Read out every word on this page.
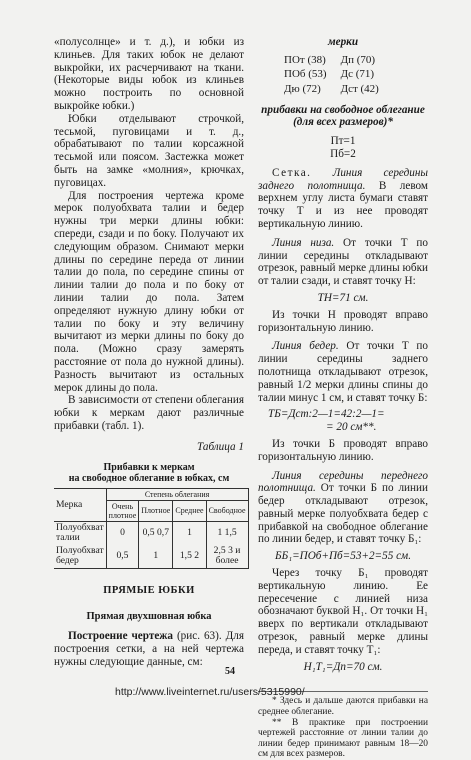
«полусолнце» и т. д.), и юбки из клиньев. Для таких юбок не делают выкройки, их расчерчивают на ткани. (Некоторые виды юбок из клиньев можно построить по основной выкройке юбки.)

Юбки отделывают строчкой, тесьмой, пуговицами и т. д., обрабатывают по талии корсажной тесьмой или поясом. Застежка может быть на замке «молния», крючках, пуговицах.

Для построения чертежа кроме мерок полуобхвата талии и бедер нужны три мерки длины юбки: спереди, сзади и по боку. Получают их следующим образом. Снимают мерки длины по середине переда от линии талии до пола, по середине спины от линии талии до пола и по боку от линии талии до пола. Затем определяют нужную длину юбки от талии по боку и эту величину вычитают из мерки длины по боку до пола. (Можно сразу замерять расстояние от пола до нужной длины). Разность вычитают из остальных мерок длины до пола.

В зависимости от степени облегания юбки к меркам дают различные прибавки (табл. 1).

Таблица 1
Прибавки к меркам
на свободное облегание в юбках, см
Мерка	Степень облегания			
	Очень плотное	Плотное	Среднее	Свободное
Полуобхват талии	0	0,5 0,7	1	1 1,5
Полуобхват бедер	0,5	1	1,5 2	2,5 3 и более
ПРЯМЫЕ ЮБКИ
Прямая двухшовная юбка

Построение чертежа (рис. 63). Для построения сетки, а на ней чертежа нужны следующие данные, см:

мерки
ПОт (38)	Дп (70)
ПОб (53)	Дс (71)
Дю (72)	Дст (42)
прибавки на свободное облегание (для всех размеров)*
Пт=1
Пб=2

Сетка. Линия середины заднего полотнища. В левом верхнем углу листа бумаги ставят точку Т и из нее проводят вертикальную линию.

Линия низа. От точки Т по линии середины откладывают отрезок, равный мерке длины юбки от талии сзади, и ставят точку Н:

ТН=71 см.

Из точки Н проводят вправо горизонтальную линию.

Линия бедер. От точки Т по линии середины заднего полотнища откладывают отрезок, равный 1/2 мерки длины спины до талии минус 1 см, и ставят точку Б:

ТБ=Дст:2—1=42:2—1=
= 20 см**.

Из точки Б проводят вправо горизонтальную линию.

Линия середины переднего полотнища. От точки Б по линии бедер откладывают отрезок, равный мерке полуобхвата бедер с прибавкой на свободное облегание по линии бедер, и ставят точку Б₁:

ББ₁=ПОб+Пб=53+2=55 см.

Через точку Б₁ проводят вертикальную линию. Ее пересечение с линией низа обозначают буквой Н₁. От точки Н₁ вверх по вертикали откладывают отрезок, равный мерке длины переда, и ставят точку Т₁:

Н₁Т₁=Дп=70 см.

* Здесь и дальше даются прибавки на среднее облегание.

** В практике при построении чертежей расстояние от линии талии до линии бедер принимают равным 18—20 см для всех размеров.

54
http://www.liveinternet.ru/users/5315990/
